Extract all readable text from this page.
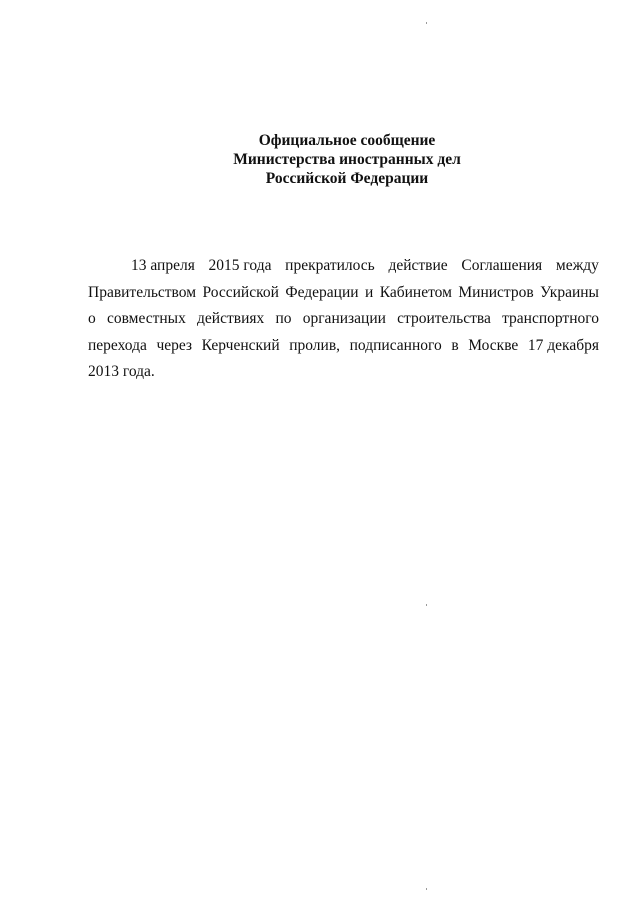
Официальное сообщение
Министерства иностранных дел
Российской Федерации
13 апреля 2015 года прекратилось действие Соглашения между
Правительством Российской Федерации и Кабинетом Министров Украины
о совместных действиях по организации строительства транспортного
перехода через Керченский пролив, подписанного в Москве 17 декабря
2013 года.
